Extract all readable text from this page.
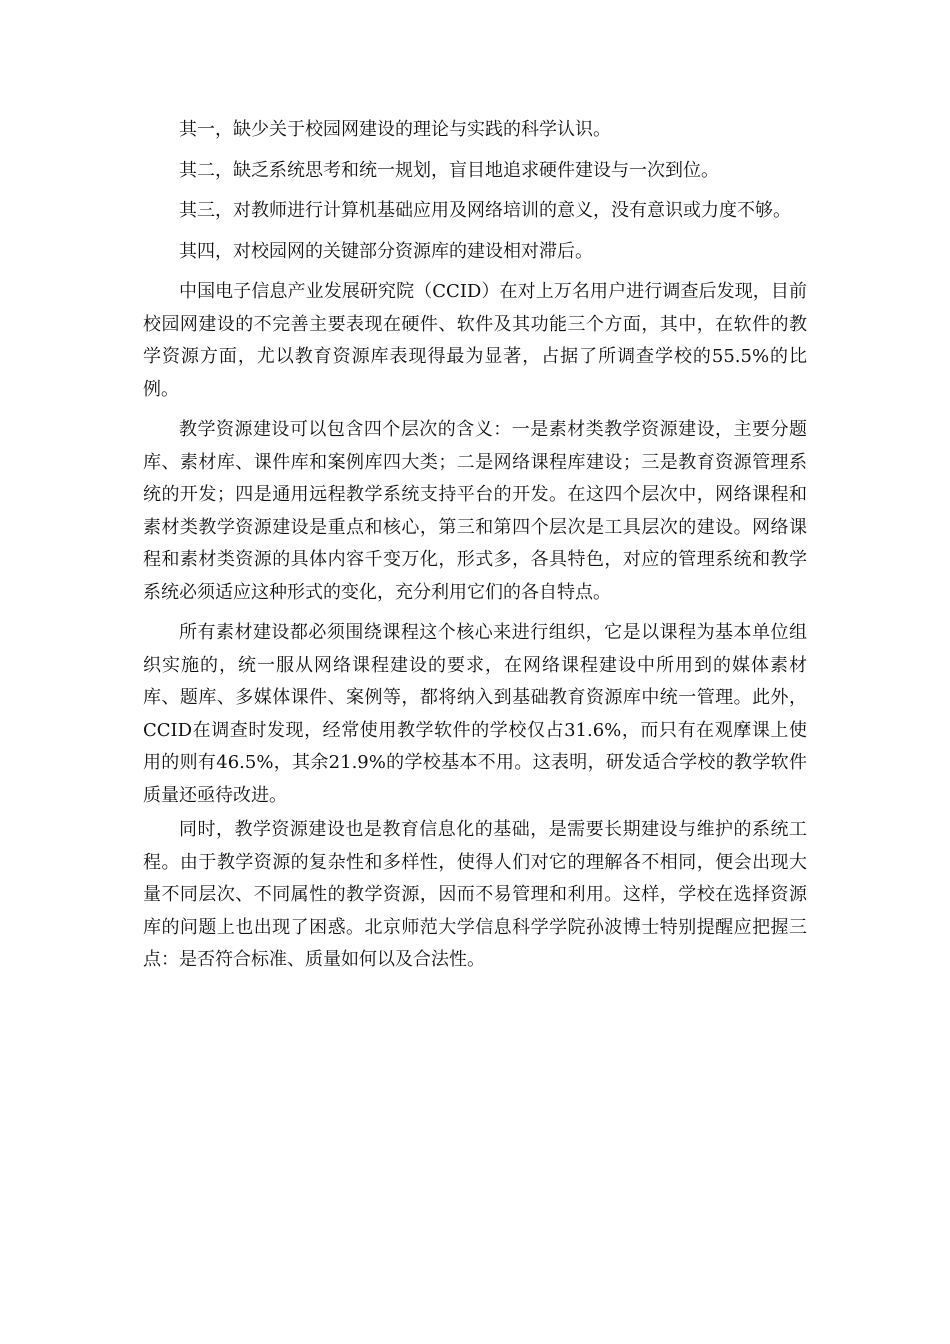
其一，缺少关于校园网建设的理论与实践的科学认识。

其二，缺乏系统思考和统一规划，盲目地追求硬件建设与一次到位。

其三，对教师进行计算机基础应用及网络培训的意义，没有意识或力度不够。

其四，对校园网的关键部分资源库的建设相对滞后。

中国电子信息产业发展研究院（CCID）在对上万名用户进行调查后发现，目前校园网建设的不完善主要表现在硬件、软件及其功能三个方面，其中，在软件的教学资源方面，尤以教育资源库表现得最为显著，占据了所调查学校的55.5%的比例。

教学资源建设可以包含四个层次的含义：一是素材类教学资源建设，主要分题库、素材库、课件库和案例库四大类；二是网络课程库建设；三是教育资源管理系统的开发；四是通用远程教学系统支持平台的开发。在这四个层次中，网络课程和素材类教学资源建设是重点和核心，第三和第四个层次是工具层次的建设。网络课程和素材类资源的具体内容千变万化，形式多，各具特色，对应的管理系统和教学系统必须适应这种形式的变化，充分利用它们的各自特点。

所有素材建设都必须围绕课程这个核心来进行组织，它是以课程为基本单位组织实施的，统一服从网络课程建设的要求，在网络课程建设中所用到的媒体素材库、题库、多媒体课件、案例等，都将纳入到基础教育资源库中统一管理。此外，CCID在调查时发现，经常使用教学软件的学校仅占31.6%，而只有在观摩课上使用的则有46.5%，其余21.9%的学校基本不用。这表明，研发适合学校的教学软件质量还亟待改进。

同时，教学资源建设也是教育信息化的基础，是需要长期建设与维护的系统工程。由于教学资源的复杂性和多样性，使得人们对它的理解各不相同，便会出现大量不同层次、不同属性的教学资源，因而不易管理和利用。这样，学校在选择资源库的问题上也出现了困惑。北京师范大学信息科学学院孙波博士特别提醒应把握三点：是否符合标准、质量如何以及合法性。
